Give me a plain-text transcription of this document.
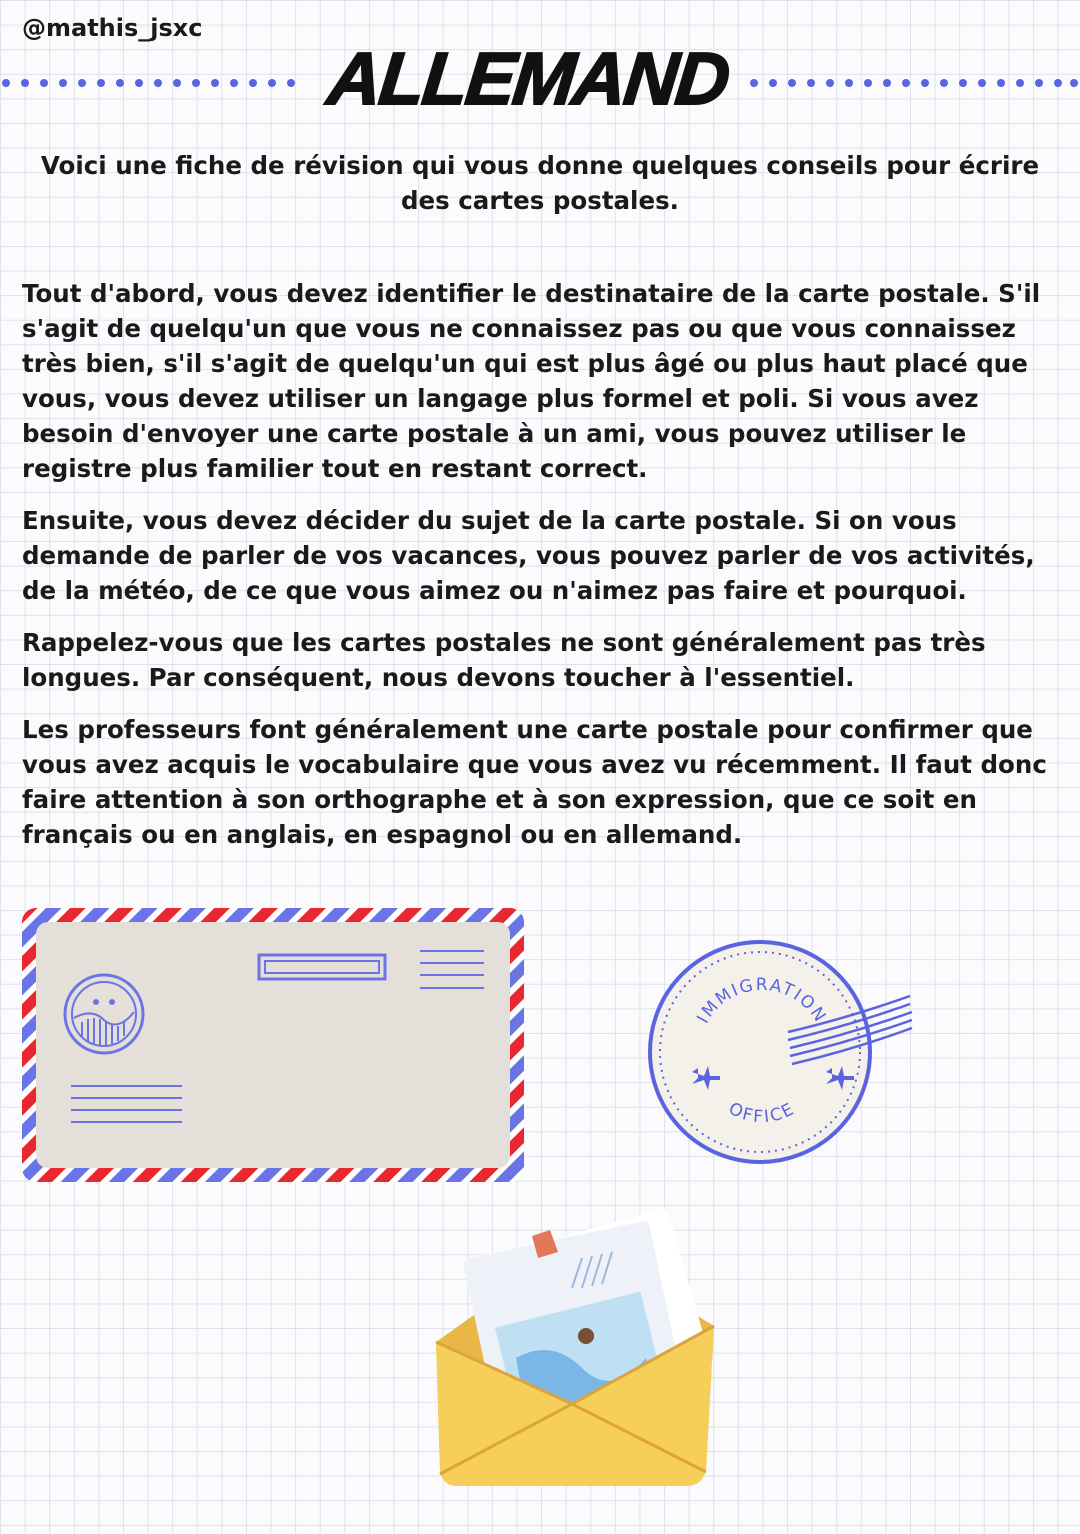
@mathis_jsxc
ALLEMAND
Voici une fiche de révision qui vous donne quelques conseils pour écrire des cartes postales.

Tout d'abord, vous devez identifier le destinataire de la carte postale. S'il s'agit de quelqu'un que vous ne connaissez pas ou que vous connaissez très bien, s'il s'agit de quelqu'un qui est plus âgé ou plus haut placé que vous, vous devez utiliser un langage plus formel et poli. Si vous avez besoin d'envoyer une carte postale à un ami, vous pouvez utiliser le registre plus familier tout en restant correct.

Ensuite, vous devez décider du sujet de la carte postale. Si on vous demande de parler de vos vacances, vous pouvez parler de vos activités, de la météo, de ce que vous aimez ou n'aimez pas faire et pourquoi.

Rappelez-vous que les cartes postales ne sont généralement pas très longues. Par conséquent, nous devons toucher à l'essentiel.

Les professeurs font généralement une carte postale pour confirmer que vous avez acquis le vocabulaire que vous avez vu récemment. Il faut donc faire attention à son orthographe et à son expression, que ce soit en français ou en anglais, en espagnol ou en allemand.

IMMIGRATION
OFFICE
